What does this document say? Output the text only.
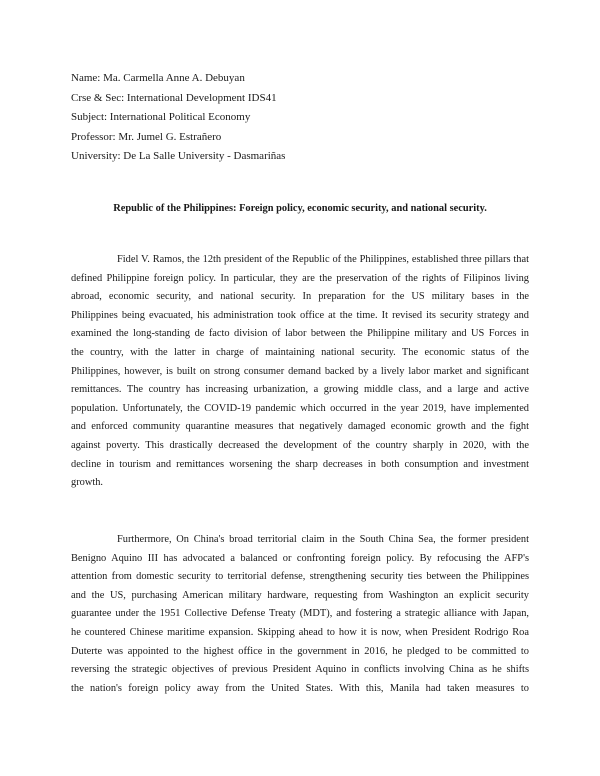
Name: Ma. Carmella Anne A. Debuyan
Crse & Sec: International Development IDS41
Subject: International Political Economy
Professor: Mr. Jumel G. Estrañero
University: De La Salle University - Dasmariñas
Republic of the Philippines: Foreign policy, economic security, and national security.
Fidel V. Ramos, the 12th president of the Republic of the Philippines, established three pillars that
defined Philippine foreign policy. In particular, they are the preservation of the rights of Filipinos living
abroad, economic security, and national security. In preparation for the US military bases in the
Philippines being evacuated, his administration took office at the time. It revised its security strategy and
examined the long-standing de facto division of labor between the Philippine military and US Forces in
the country, with the latter in charge of maintaining national security. The economic status of the
Philippines, however, is built on strong consumer demand backed by a lively labor market and significant
remittances. The country has increasing urbanization, a growing middle class, and a large and active
population. Unfortunately, the COVID-19 pandemic which occurred in the year 2019, have implemented
and enforced community quarantine measures that negatively damaged economic growth and the fight
against poverty. This drastically decreased the development of the country sharply in 2020, with the
decline in tourism and remittances worsening the sharp decreases in both consumption and investment
growth.
Furthermore, On China's broad territorial claim in the South China Sea, the former president
Benigno Aquino III has advocated a balanced or confronting foreign policy. By refocusing the AFP's
attention from domestic security to territorial defense, strengthening security ties between the Philippines
and the US, purchasing American military hardware, requesting from Washington an explicit security
guarantee under the 1951 Collective Defense Treaty (MDT), and fostering a strategic alliance with Japan,
he countered Chinese maritime expansion. Skipping ahead to how it is now, when President Rodrigo Roa
Duterte was appointed to the highest office in the government in 2016, he pledged to be committed to
reversing the strategic objectives of previous President Aquino in conflicts involving China as he shifts
the nation's foreign policy away from the United States. With this, Manila had taken measures to
